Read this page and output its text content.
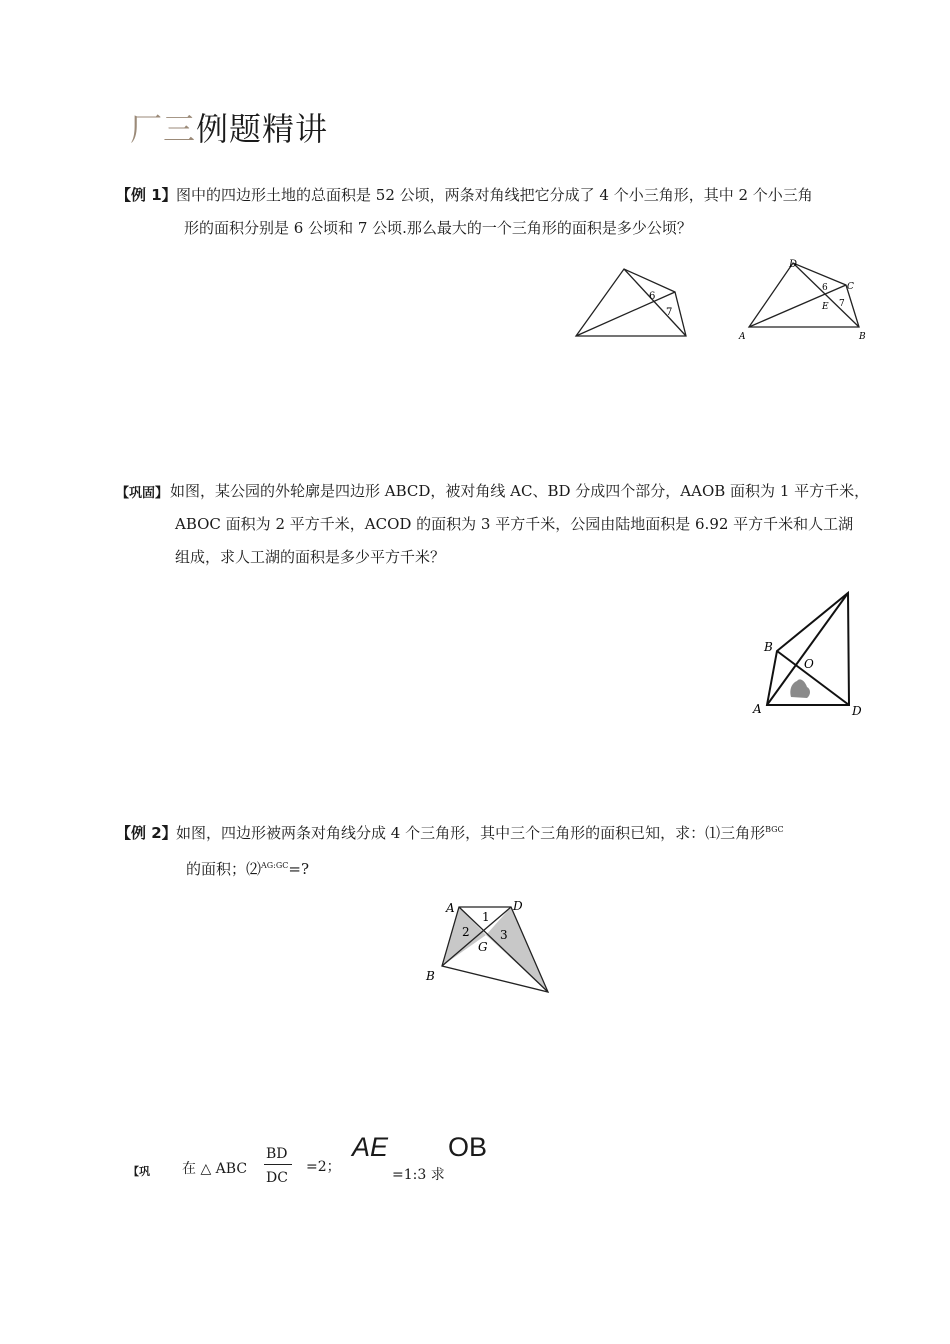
厂三例题精讲
【例 1】 图中的四边形土地的总面积是 52 公顷，两条对角线把它分成了 4 个小三角形，其中 2 个小三角
形的面积分别是 6 公顷和 7 公顷.那么最大的一个三角形的面积是多少公顷？
6
7
D
C
E
A	B
6
7
【巩固】 如图，某公园的外轮廓是四边形 ABCD，被对角线 AC、BD 分成四个部分，AAOB 面积为 1 平方千米，
ABOC 面积为 2 平方千米，ACOD 的面积为 3 平方千米，公园由陆地面积是 6.92 平方千米和人工湖
组成，求人工湖的面积是多少平方千米？
B
O
A	D
【例 2】 如图，四边形被两条对角线分成 4 个三角形，其中三个三角形的面积已知，求：⑴三角形$^{BGC}$
的面积；⑵$^{AG:GC}$=?
A	D
B
G
1
2	3
【巩 在 △ ABC
BD
DC
=2；
AE OB
=1:3 求
